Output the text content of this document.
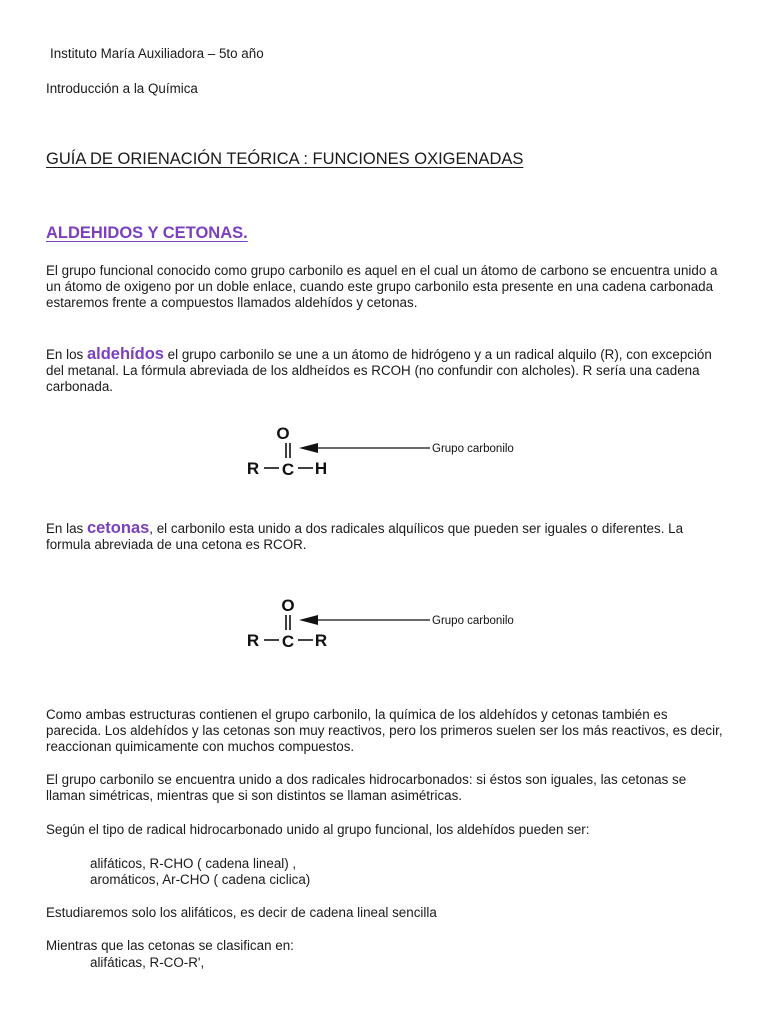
Instituto María Auxiliadora – 5to año
Introducción a la Química
GUÍA DE ORIENACIÓN TEÓRICA : FUNCIONES OXIGENADAS
ALDEHIDOS Y CETONAS.
El grupo funcional conocido como grupo carbonilo es aquel en el cual un átomo de carbono se encuentra unido a un átomo de oxigeno por un doble enlace, cuando este grupo carbonilo esta presente en una cadena carbonada estaremos frente a compuestos llamados aldehídos y cetonas.
En los aldehídos el grupo carbonilo se une a un átomo de hidrógeno y a un radical alquilo (R), con excepción del metanal. La fórmula abreviada de los aldheídos es RCOH (no confundir con alcholes). R sería una cadena carbonada.
O
Grupo carbonilo
R C H
En las cetonas, el carbonilo esta unido a dos radicales alquílicos que pueden ser iguales o diferentes. La formula abreviada de una cetona es RCOR.
O
Grupo carbonilo
R C R
Como ambas estructuras contienen el grupo carbonilo, la química de los aldehídos y cetonas también es parecida. Los aldehídos y las cetonas son muy reactivos, pero los primeros suelen ser los más reactivos, es decir, reaccionan quimicamente con muchos compuestos.
El grupo carbonilo se encuentra unido a dos radicales hidrocarbonados: si éstos son iguales, las cetonas se llaman simétricas, mientras que si son distintos se llaman asimétricas.
Según el tipo de radical hidrocarbonado unido al grupo funcional, los aldehídos pueden ser:
alifáticos, R-CHO ( cadena lineal) ,
aromáticos, Ar-CHO ( cadena ciclica)
Estudiaremos solo los alifáticos, es decir de cadena lineal sencilla
Mientras que las cetonas se clasifican en:
alifáticas, R-CO-R',
